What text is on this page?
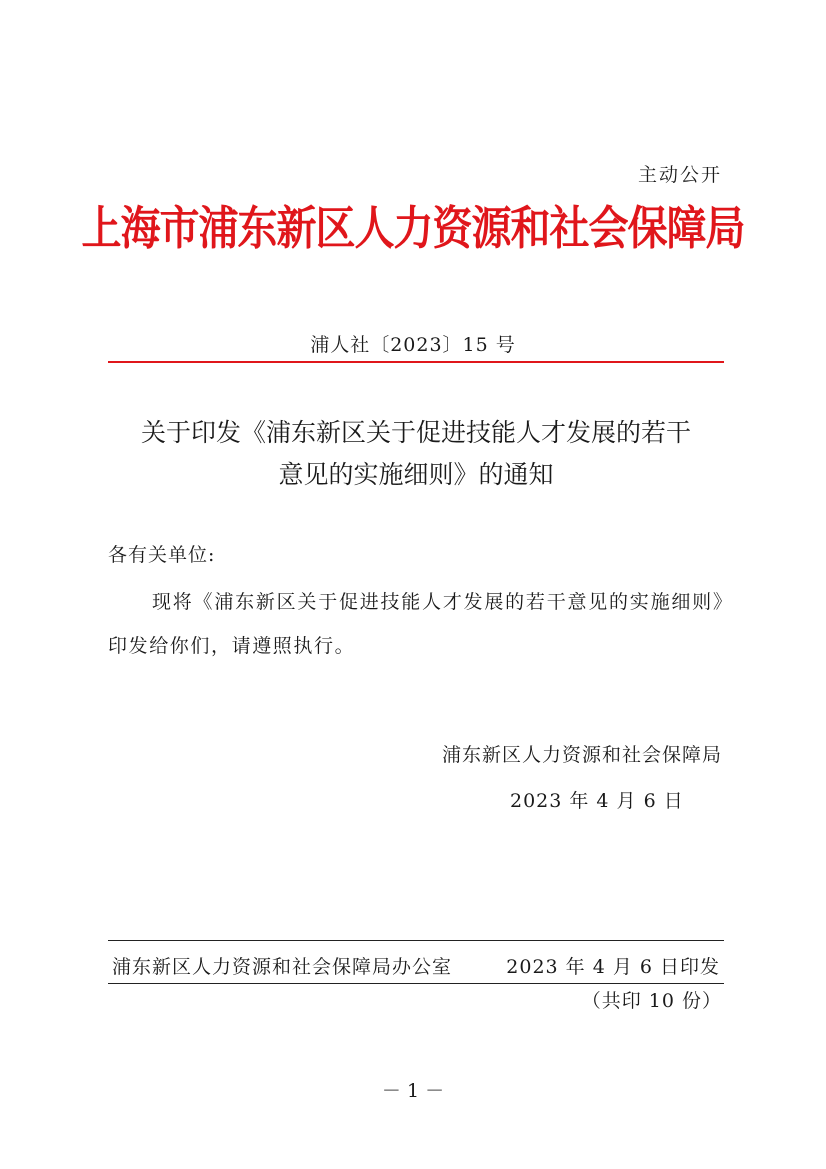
主动公开
上海市浦东新区人力资源和社会保障局
浦人社〔2023〕15 号
关于印发《浦东新区关于促进技能人才发展的若干
意见的实施细则》的通知
各有关单位:
现将《浦东新区关于促进技能人才发展的若干意见的实施细则》印发给你们，请遵照执行。
浦东新区人力资源和社会保障局
2023 年 4 月 6 日
浦东新区人力资源和社会保障局办公室	2023 年 4 月 6 日印发
（共印 10 份）
－ 1 －
